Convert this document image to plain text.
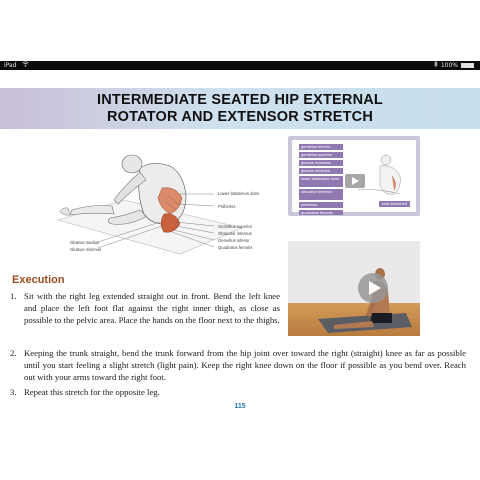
iPad	100%
INTERMEDIATE SEATED HIP EXTERNAL
ROTATOR AND EXTENSOR STRETCH
Lower latissimus dorsi
Piriformis
Gemellus superior
Obturator internus
Gemellus inferior
Quadratus femoris
Gluteus medius
Gluteus minimus
gemellus inferior
gemellus superior
gluteus maximus
gluteus minimus
lower latissimus dorsi
obturator internus
piriformis
quadratus femoris
seat stretched
Execution
1. Sit with the right leg extended straight out in front. Bend the left knee and place the left foot flat against the right inner thigh, as close as possible to the pelvic area. Place the hands on the floor next to the thighs.
2. Keeping the trunk straight, bend the trunk forward from the hip joint over toward the right (straight) knee as far as possible until you start feeling a slight stretch (light pain). Keep the right knee down on the floor if possible as you bend over. Reach out with your arms toward the right foot.
3. Repeat this stretch for the opposite leg.
115
